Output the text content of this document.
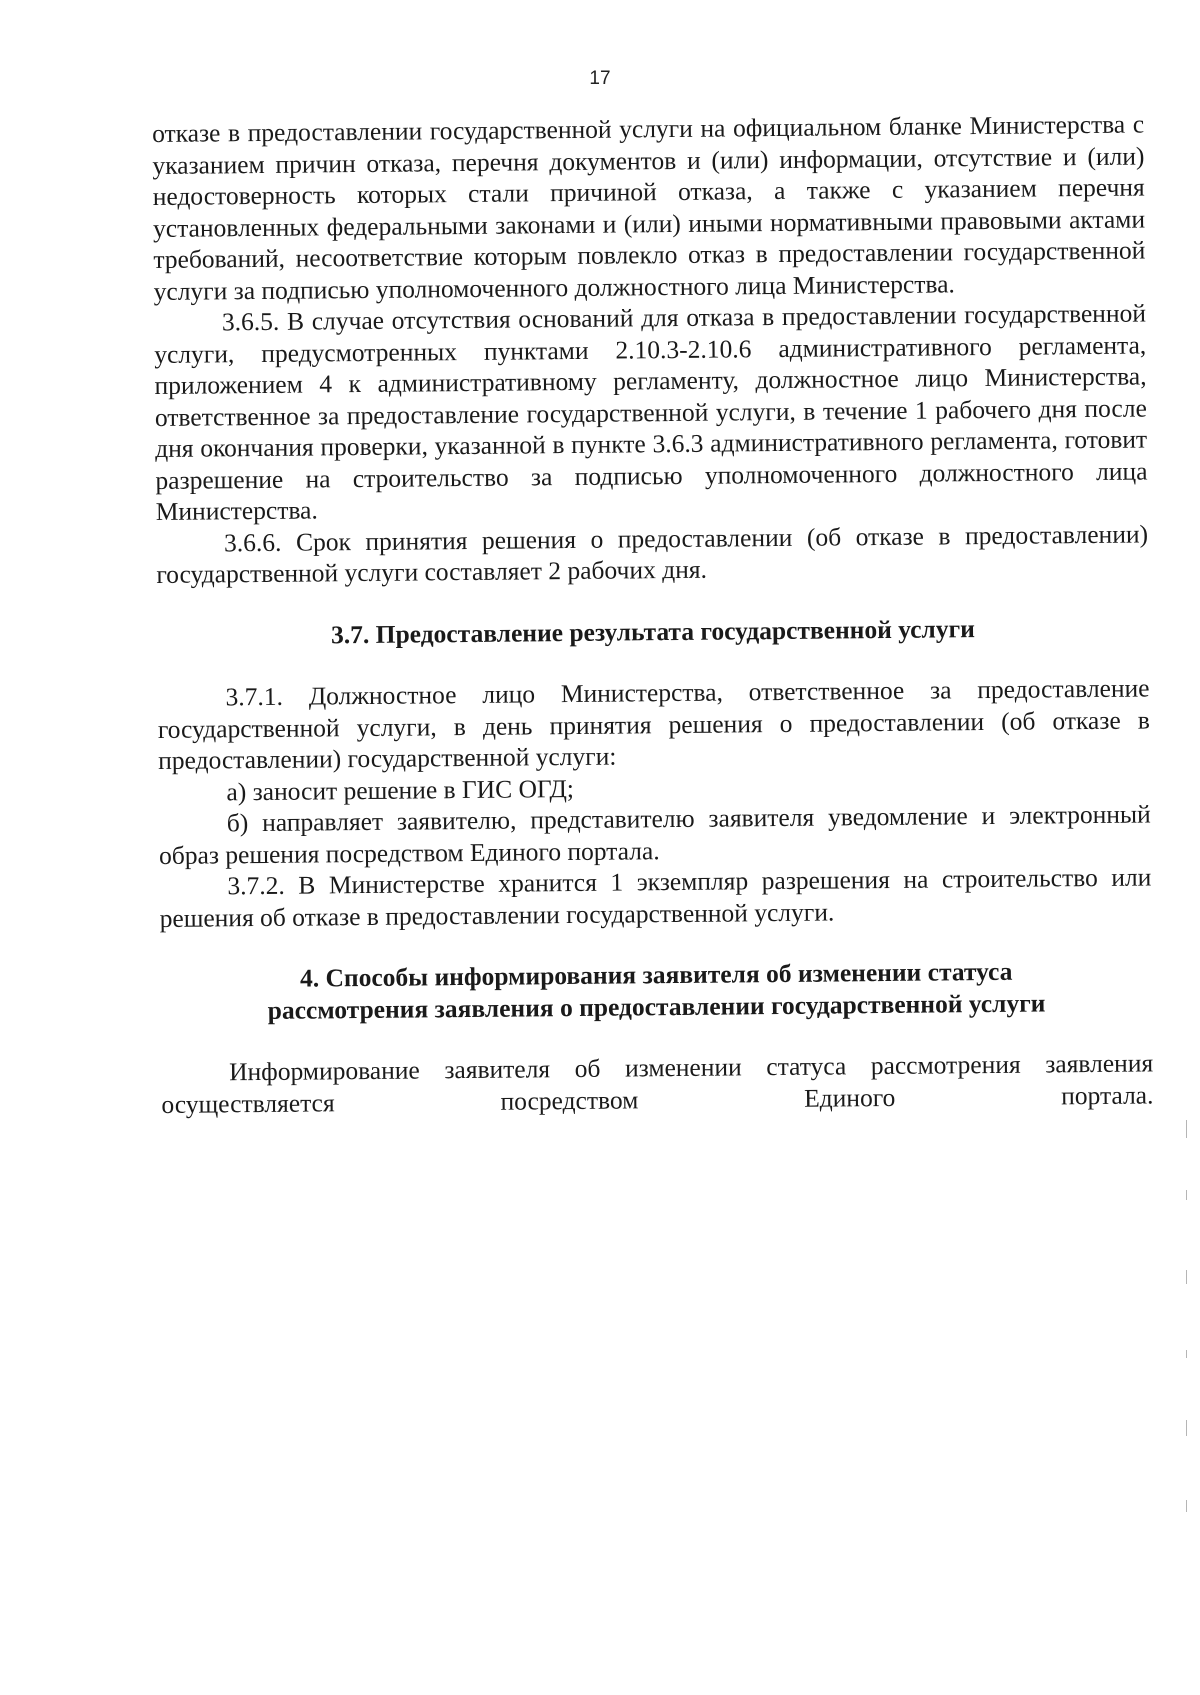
17

отказе в предоставлении государственной услуги на официальном бланке Министерства с указанием причин отказа, перечня документов и (или) информации, отсутствие и (или) недостоверность которых стали причиной отказа, а также с указанием перечня установленных федеральными законами и (или) иными нормативными правовыми актами требований, несоответствие которым повлекло отказ в предоставлении государственной услуги за подписью уполномоченного должностного лица Министерства.

3.6.5. В случае отсутствия оснований для отказа в предоставлении государственной услуги, предусмотренных пунктами 2.10.3-2.10.6 административного регламента, приложением 4 к административному регламенту, должностное лицо Министерства, ответственное за предоставление государственной услуги, в течение 1 рабочего дня после дня окончания проверки, указанной в пункте 3.6.3 административного регламента, готовит разрешение на строительство за подписью уполномоченного должностного лица Министерства.

3.6.6. Срок принятия решения о предоставлении (об отказе в предоставлении) государственной услуги составляет 2 рабочих дня.

3.7. Предоставление результата государственной услуги

3.7.1. Должностное лицо Министерства, ответственное за предоставление государственной услуги, в день принятия решения о предоставлении (об отказе в предоставлении) государственной услуги:

а) заносит решение в ГИС ОГД;

б) направляет заявителю, представителю заявителя уведомление и электронный образ решения посредством Единого портала.

3.7.2. В Министерстве хранится 1 экземпляр разрешения на строительство или решения об отказе в предоставлении государственной услуги.

4. Способы информирования заявителя об изменении статуса
рассмотрения заявления о предоставлении государственной услуги

Информирование заявителя об изменении статуса рассмотрения заявления осуществляется посредством Единого портала.
